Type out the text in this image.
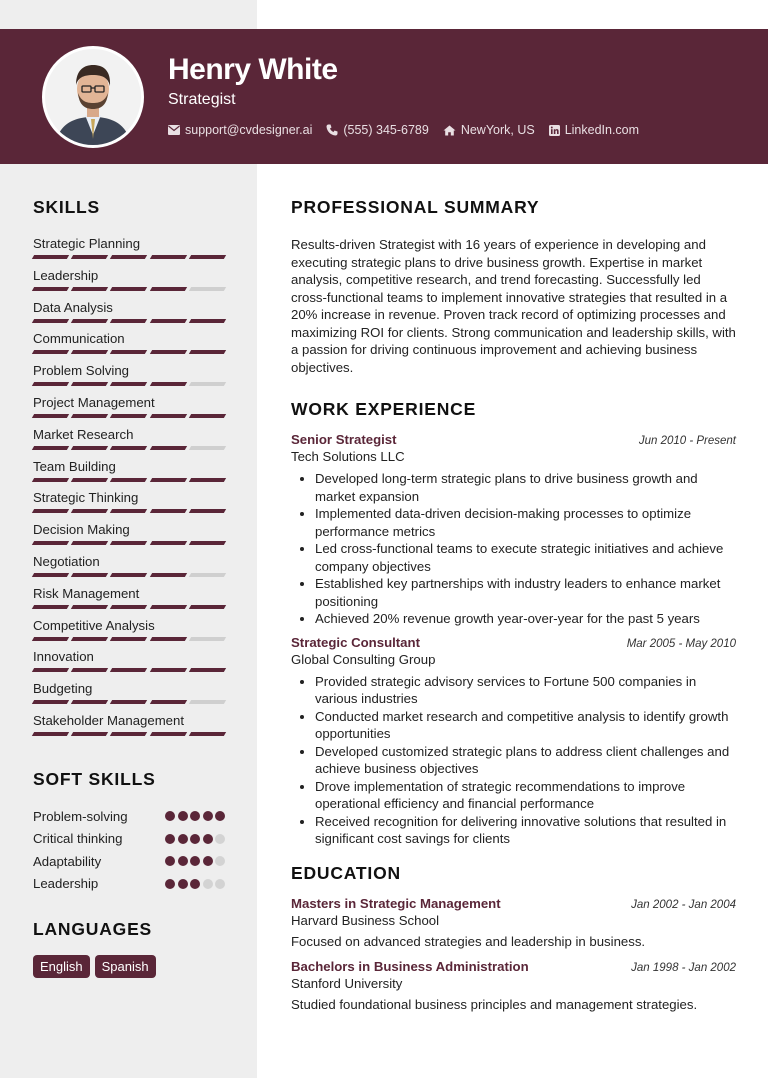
Henry White
Strategist
support@cvdesigner.ai (555) 345-6789	NewYork, US LinkedIn.com
SKILLS
Strategic Planning
Leadership
Data Analysis
Communication
Problem Solving
Project Management
Market Research
Team Building
Strategic Thinking
Decision Making
Negotiation
Risk Management
Competitive Analysis
Innovation
Budgeting
Stakeholder Management
SOFT SKILLS
Problem-solving
Critical thinking
Adaptability
Leadership
LANGUAGES
English	Spanish
PROFESSIONAL SUMMARY
Results-driven Strategist with 16 years of experience in developing and executing strategic plans to drive business growth. Expertise in market analysis, competitive research, and trend forecasting. Successfully led cross-functional teams to implement innovative strategies that resulted in a 20% increase in revenue. Proven track record of optimizing processes and maximizing ROI for clients. Strong communication and leadership skills, with a passion for driving continuous improvement and achieving business objectives.
WORK EXPERIENCE
Senior Strategist	Jun 2010 - Present
Tech Solutions LLC
• Developed long-term strategic plans to drive business growth and market expansion
• Implemented data-driven decision-making processes to optimize performance metrics
• Led cross-functional teams to execute strategic initiatives and achieve company objectives
• Established key partnerships with industry leaders to enhance market positioning
• Achieved 20% revenue growth year-over-year for the past 5 years
Strategic Consultant	Mar 2005 - May 2010
Global Consulting Group
• Provided strategic advisory services to Fortune 500 companies in various industries
• Conducted market research and competitive analysis to identify growth opportunities
• Developed customized strategic plans to address client challenges and achieve business objectives
• Drove implementation of strategic recommendations to improve operational efficiency and financial performance
• Received recognition for delivering innovative solutions that resulted in significant cost savings for clients
EDUCATION
Masters in Strategic Management	Jan 2002 - Jan 2004
Harvard Business School
Focused on advanced strategies and leadership in business.
Bachelors in Business Administration	Jan 1998 - Jan 2002
Stanford University
Studied foundational business principles and management strategies.
